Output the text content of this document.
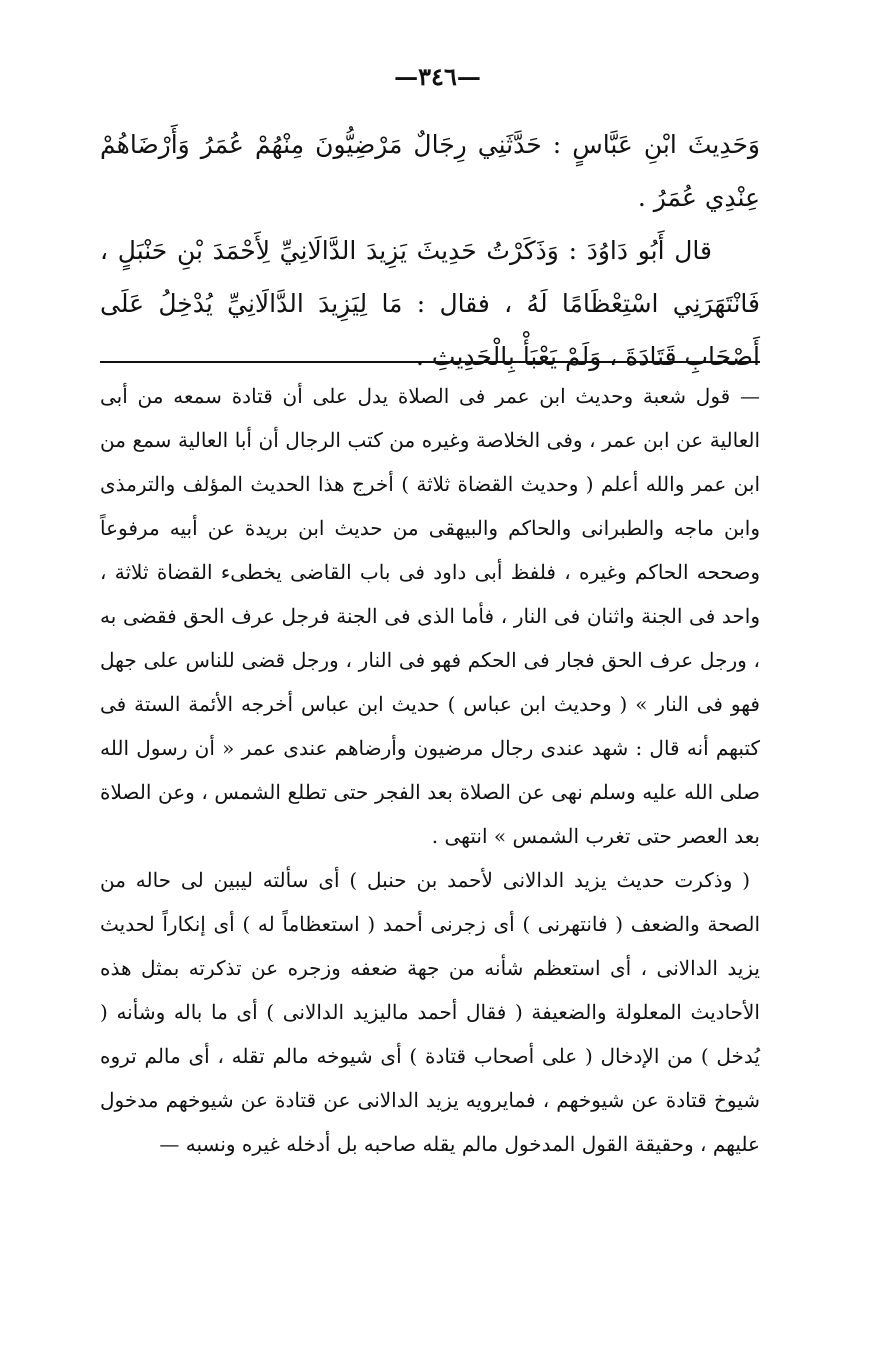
—٣٤٦—

وَحَدِيثَ ابْنِ عَبَّاسٍ : حَدَّثَنِي رِجَالٌ مَرْضِيُّونَ مِنْهُمْ عُمَرُ وَأَرْضَاهُمْ عِنْدِي عُمَرُ .

قال أَبُو دَاوُدَ : وَذَكَرْتُ حَدِيثَ يَزِيدَ الدَّالَانِيِّ لِأَحْمَدَ بْنِ حَنْبَلٍ ، فَانْتَهَرَنِي اسْتِعْظَامًا لَهُ ، فقال : مَا لِيَزِيدَ الدَّالَانِيِّ يُدْخِلُ عَلَى أَصْحَابِ قَتَادَةَ ، وَلَمْ يَعْبَأْ بِالْحَدِيثِ .

— قول شعبة وحديث ابن عمر فى الصلاة يدل على أن قتادة سمعه من أبى العالية عن ابن عمر ، وفى الخلاصة وغيره من كتب الرجال أن أبا العالية سمع من ابن عمر والله أعلم ( وحديث القضاة ثلاثة ) أخرج هذا الحديث المؤلف والترمذى وابن ماجه والطبرانى والحاكم والبيهقى من حديث ابن بريدة عن أبيه مرفوعاً وصححه الحاكم وغيره ، فلفظ أبى داود فى باب القاضى يخطىء القضاة ثلاثة ، واحد فى الجنة واثنان فى النار ، فأما الذى فى الجنة فرجل عرف الحق فقضى به ، ورجل عرف الحق فجار فى الحكم فهو فى النار ، ورجل قضى للناس على جهل فهو فى النار » ( وحديث ابن عباس ) حديث ابن عباس أخرجه الأئمة الستة فى كتبهم أنه قال : شهد عندى رجال مرضيون وأرضاهم عندى عمر « أن رسول الله صلى الله عليه وسلم نهى عن الصلاة بعد الفجر حتى تطلع الشمس ، وعن الصلاة بعد العصر حتى تغرب الشمس » انتهى .

( وذكرت حديث يزيد الدالانى لأحمد بن حنبل ) أى سألته ليبين لى حاله من الصحة والضعف ( فانتهرنى ) أى زجرنى أحمد ( استعظاماً له ) أى إنكاراً لحديث يزيد الدالانى ، أى استعظم شأنه من جهة ضعفه وزجره عن تذكرته بمثل هذه الأحاديث المعلولة والضعيفة ( فقال أحمد ماليزيد الدالانى ) أى ما باله وشأنه ( يُدخل ) من الإدخال ( على أصحاب قتادة ) أى شيوخه مالم تقله ، أى مالم تروه شيوخ قتادة عن شيوخهم ، فمايرويه يزيد الدالانى عن قتادة عن شيوخهم مدخول عليهم ، وحقيقة القول المدخول مالم يقله صاحبه بل أدخله غيره ونسبه —
